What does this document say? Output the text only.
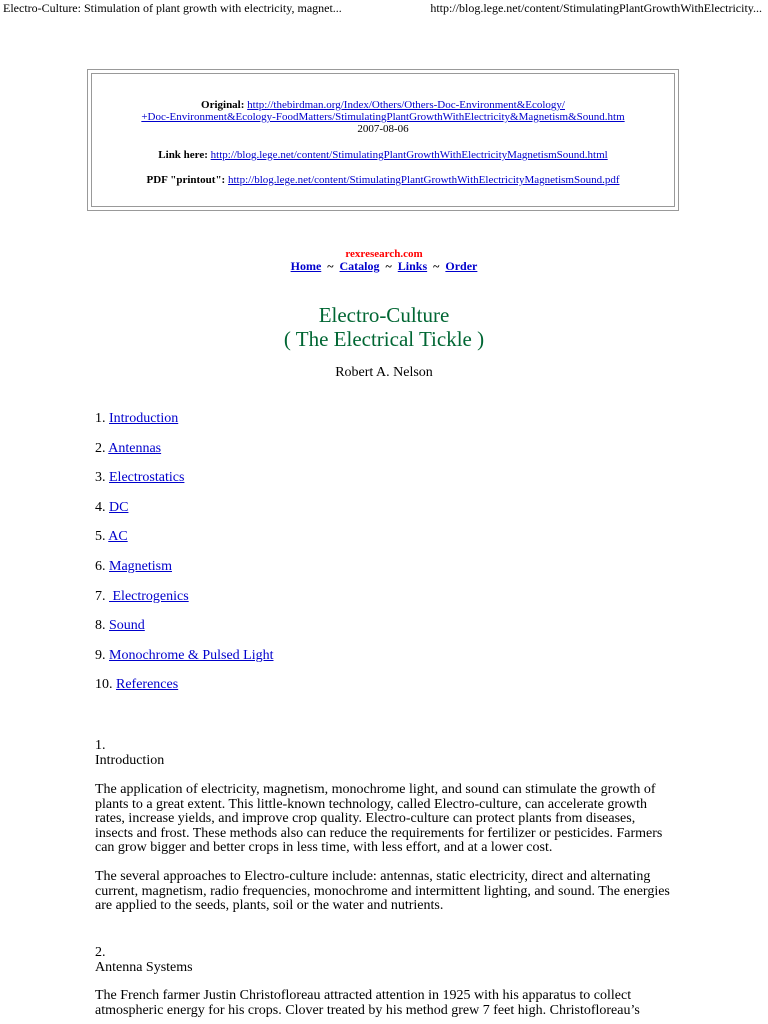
Electro-Culture: Stimulation of plant growth with electricity, magnet...	http://blog.lege.net/content/StimulatingPlantGrowthWithElectricity...
Original: http://thebirdman.org/Index/Others/Others-Doc-Environment&Ecology/
+Doc-Environment&Ecology-FoodMatters/StimulatingPlantGrowthWithElectricity&Magnetism&Sound.htm
2007-08-06
Link here: http://blog.lege.net/content/StimulatingPlantGrowthWithElectricityMagnetismSound.html
PDF "printout": http://blog.lege.net/content/StimulatingPlantGrowthWithElectricityMagnetismSound.pdf
rexresearch.com
Home ~ Catalog ~ Links ~ Order
Electro-Culture
( The Electrical Tickle )
Robert A. Nelson
1. Introduction
2. Antennas
3. Electrostatics
4. DC
5. AC
6. Magnetism
7.  Electrogenics
8. Sound
9. Monochrome & Pulsed Light
10. References
1.
Introduction

The application of electricity, magnetism, monochrome light, and sound can stimulate the growth of plants to a great extent. This little-known technology, called Electro-culture, can accelerate growth rates, increase yields, and improve crop quality. Electro-culture can protect plants from diseases, insects and frost. These methods also can reduce the requirements for fertilizer or pesticides. Farmers can grow bigger and better crops in less time, with less effort, and at a lower cost.

The several approaches to Electro-culture include: antennas, static electricity, direct and alternating current, magnetism, radio frequencies, monochrome and intermittent lighting, and sound. The energies are applied to the seeds, plants, soil or the water and nutrients.

2.
Antenna Systems

The French farmer Justin Christofloreau attracted attention in 1925 with his apparatus to collect atmospheric energy for his crops. Clover treated by his method grew 7 feet high. Christofloreau’s
